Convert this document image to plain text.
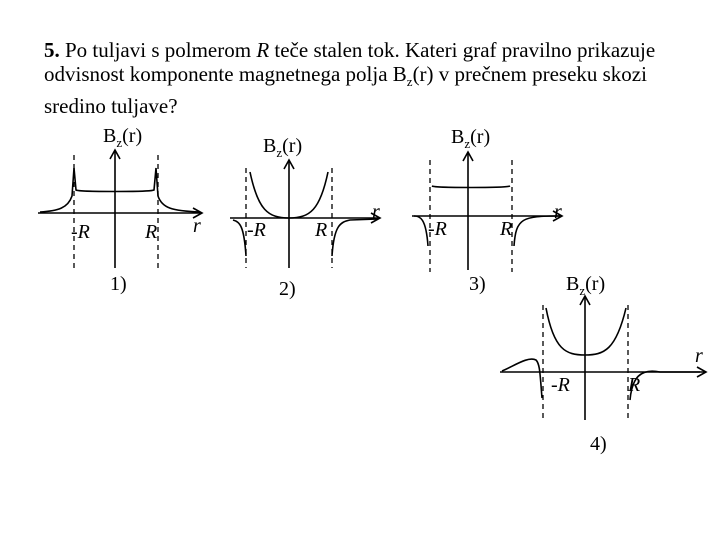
5. Po tuljavi s polmerom R teče stalen tok. Kateri graf pravilno prikazuje
odvisnost komponente magnetnega polja $B_z(r)$ v prečnem preseku skozi
sredino tuljave?

$B_z(r)$
-R	R r
1)
$B_z(r)$
-R R
r
2)
$B_z(r)$
-R	R
r
3)	$B_z(r)$
-R	R
r
4)
